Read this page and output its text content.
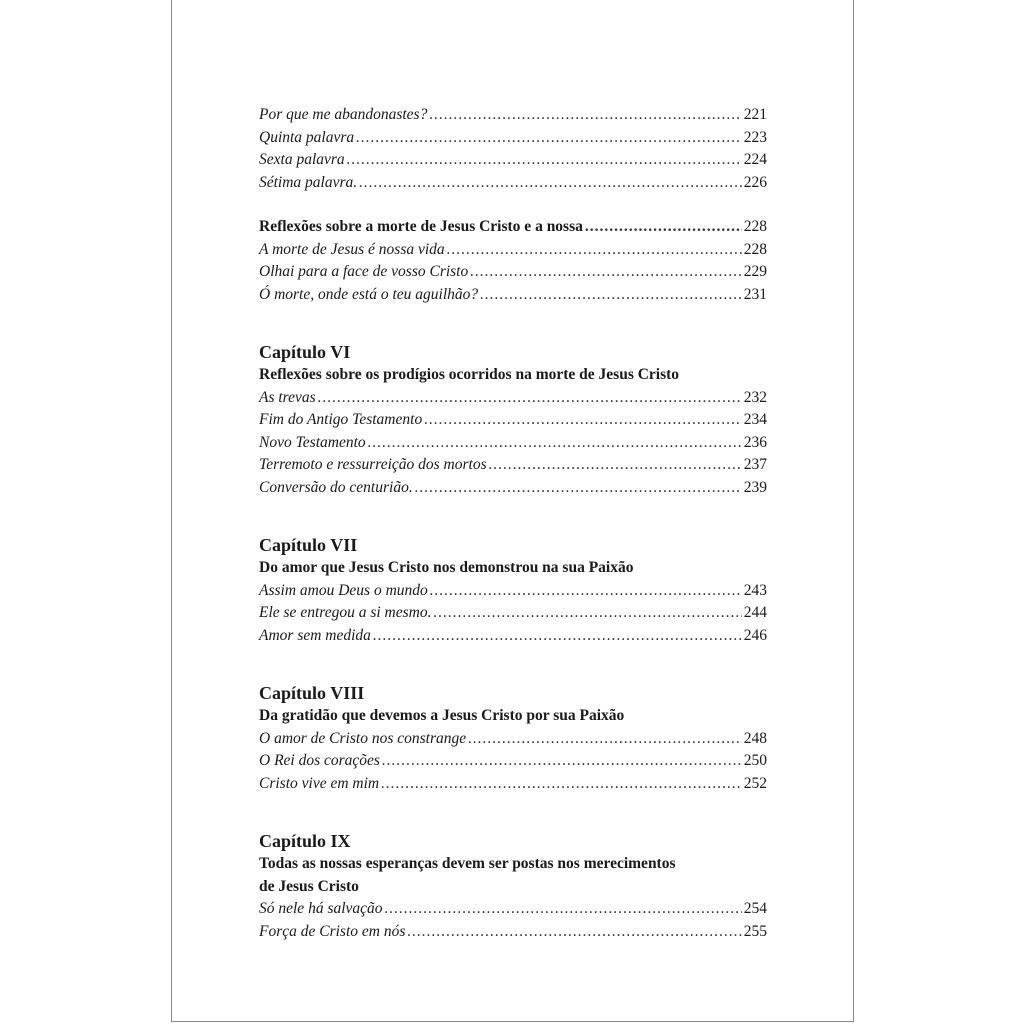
Por que me abandonastes? .....	221
Quinta palavra .....	223
Sexta palavra .....	224
Sétima palavra. .....	226
Reflexões sobre a morte de Jesus Cristo e a nossa .....	228
A morte de Jesus é nossa vida .....	228
Olhai para a face de vosso Cristo .....	229
Ó morte, onde está o teu aguilhão? .....	231
Capítulo VI
Reflexões sobre os prodígios ocorridos na morte de Jesus Cristo
As trevas .....	232
Fim do Antigo Testamento .....	234
Novo Testamento .....	236
Terremoto e ressurreição dos mortos .....	237
Conversão do centurião. .....	239
Capítulo VII
Do amor que Jesus Cristo nos demonstrou na sua Paixão
Assim amou Deus o mundo .....	243
Ele se entregou a si mesmo. .....	244
Amor sem medida .....	246
Capítulo VIII
Da gratidão que devemos a Jesus Cristo por sua Paixão
O amor de Cristo nos constrange .....	248
O Rei dos corações .....	250
Cristo vive em mim .....	252
Capítulo IX
Todas as nossas esperanças devem ser postas nos merecimentos
de Jesus Cristo
Só nele há salvação .....	254
Força de Cristo em nós .....	255
